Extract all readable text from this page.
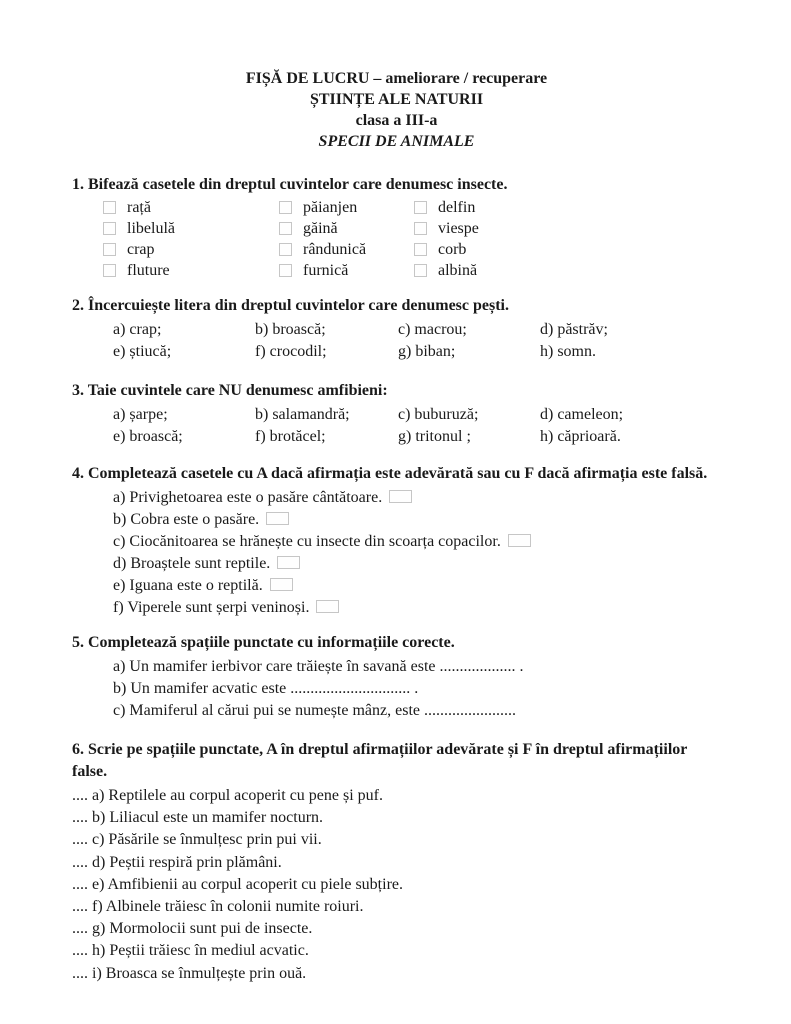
FIȘĂ DE LUCRU – ameliorare / recuperare
ȘTIINȚE ALE NATURII
clasa a III-a
SPECII DE ANIMALE
1. Bifează casetele din dreptul cuvintelor care denumesc insecte.
rață	păianjen	delfin
libelulă	găină	viespe
crap	rândunică	corb
fluture	furnică	albină
2. Încercuiește litera din dreptul cuvintelor care denumesc pești.
a) crap;	b) broască;	c) macrou;	d) păstrăv;
e) știucă;	f) crocodil;	g) biban;	h) somn.
3. Taie cuvintele care NU denumesc amfibieni:
a) șarpe;	b) salamandră;	c) buburuză;	d) cameleon;
e) broască;	f) brotăcel;	g) tritonul ;	h) căprioară.
4. Completează casetele cu A dacă afirmația este adevărată sau cu F dacă afirmația este falsă.
a) Privighetoarea este o pasăre cântătoare.
b) Cobra este o pasăre.
c) Ciocănitoarea se hrănește cu insecte din scoarța copacilor.
d) Broaștele sunt reptile.
e) Iguana este o reptilă.
f) Viperele sunt șerpi veninoși.
5. Completează spațiile punctate cu informațiile corecte.
a) Un mamifer ierbivor care trăiește în savană este ................... .
b) Un mamifer acvatic este .............................. .
c) Mamiferul al cărui pui se numește mânz, este .......................
6. Scrie pe spațiile punctate, A în dreptul afirmațiilor adevărate și F în dreptul afirmațiilor false.
.... a) Reptilele au corpul acoperit cu pene și puf.
.... b) Liliacul este un mamifer nocturn.
.... c) Păsările se înmulțesc prin pui vii.
.... d) Peștii respiră prin plămâni.
.... e) Amfibienii au corpul acoperit cu piele subțire.
.... f) Albinele trăiesc în colonii numite roiuri.
.... g) Mormolocii sunt pui de insecte.
.... h) Peștii trăiesc în mediul acvatic.
.... i) Broasca se înmulțește prin ouă.
